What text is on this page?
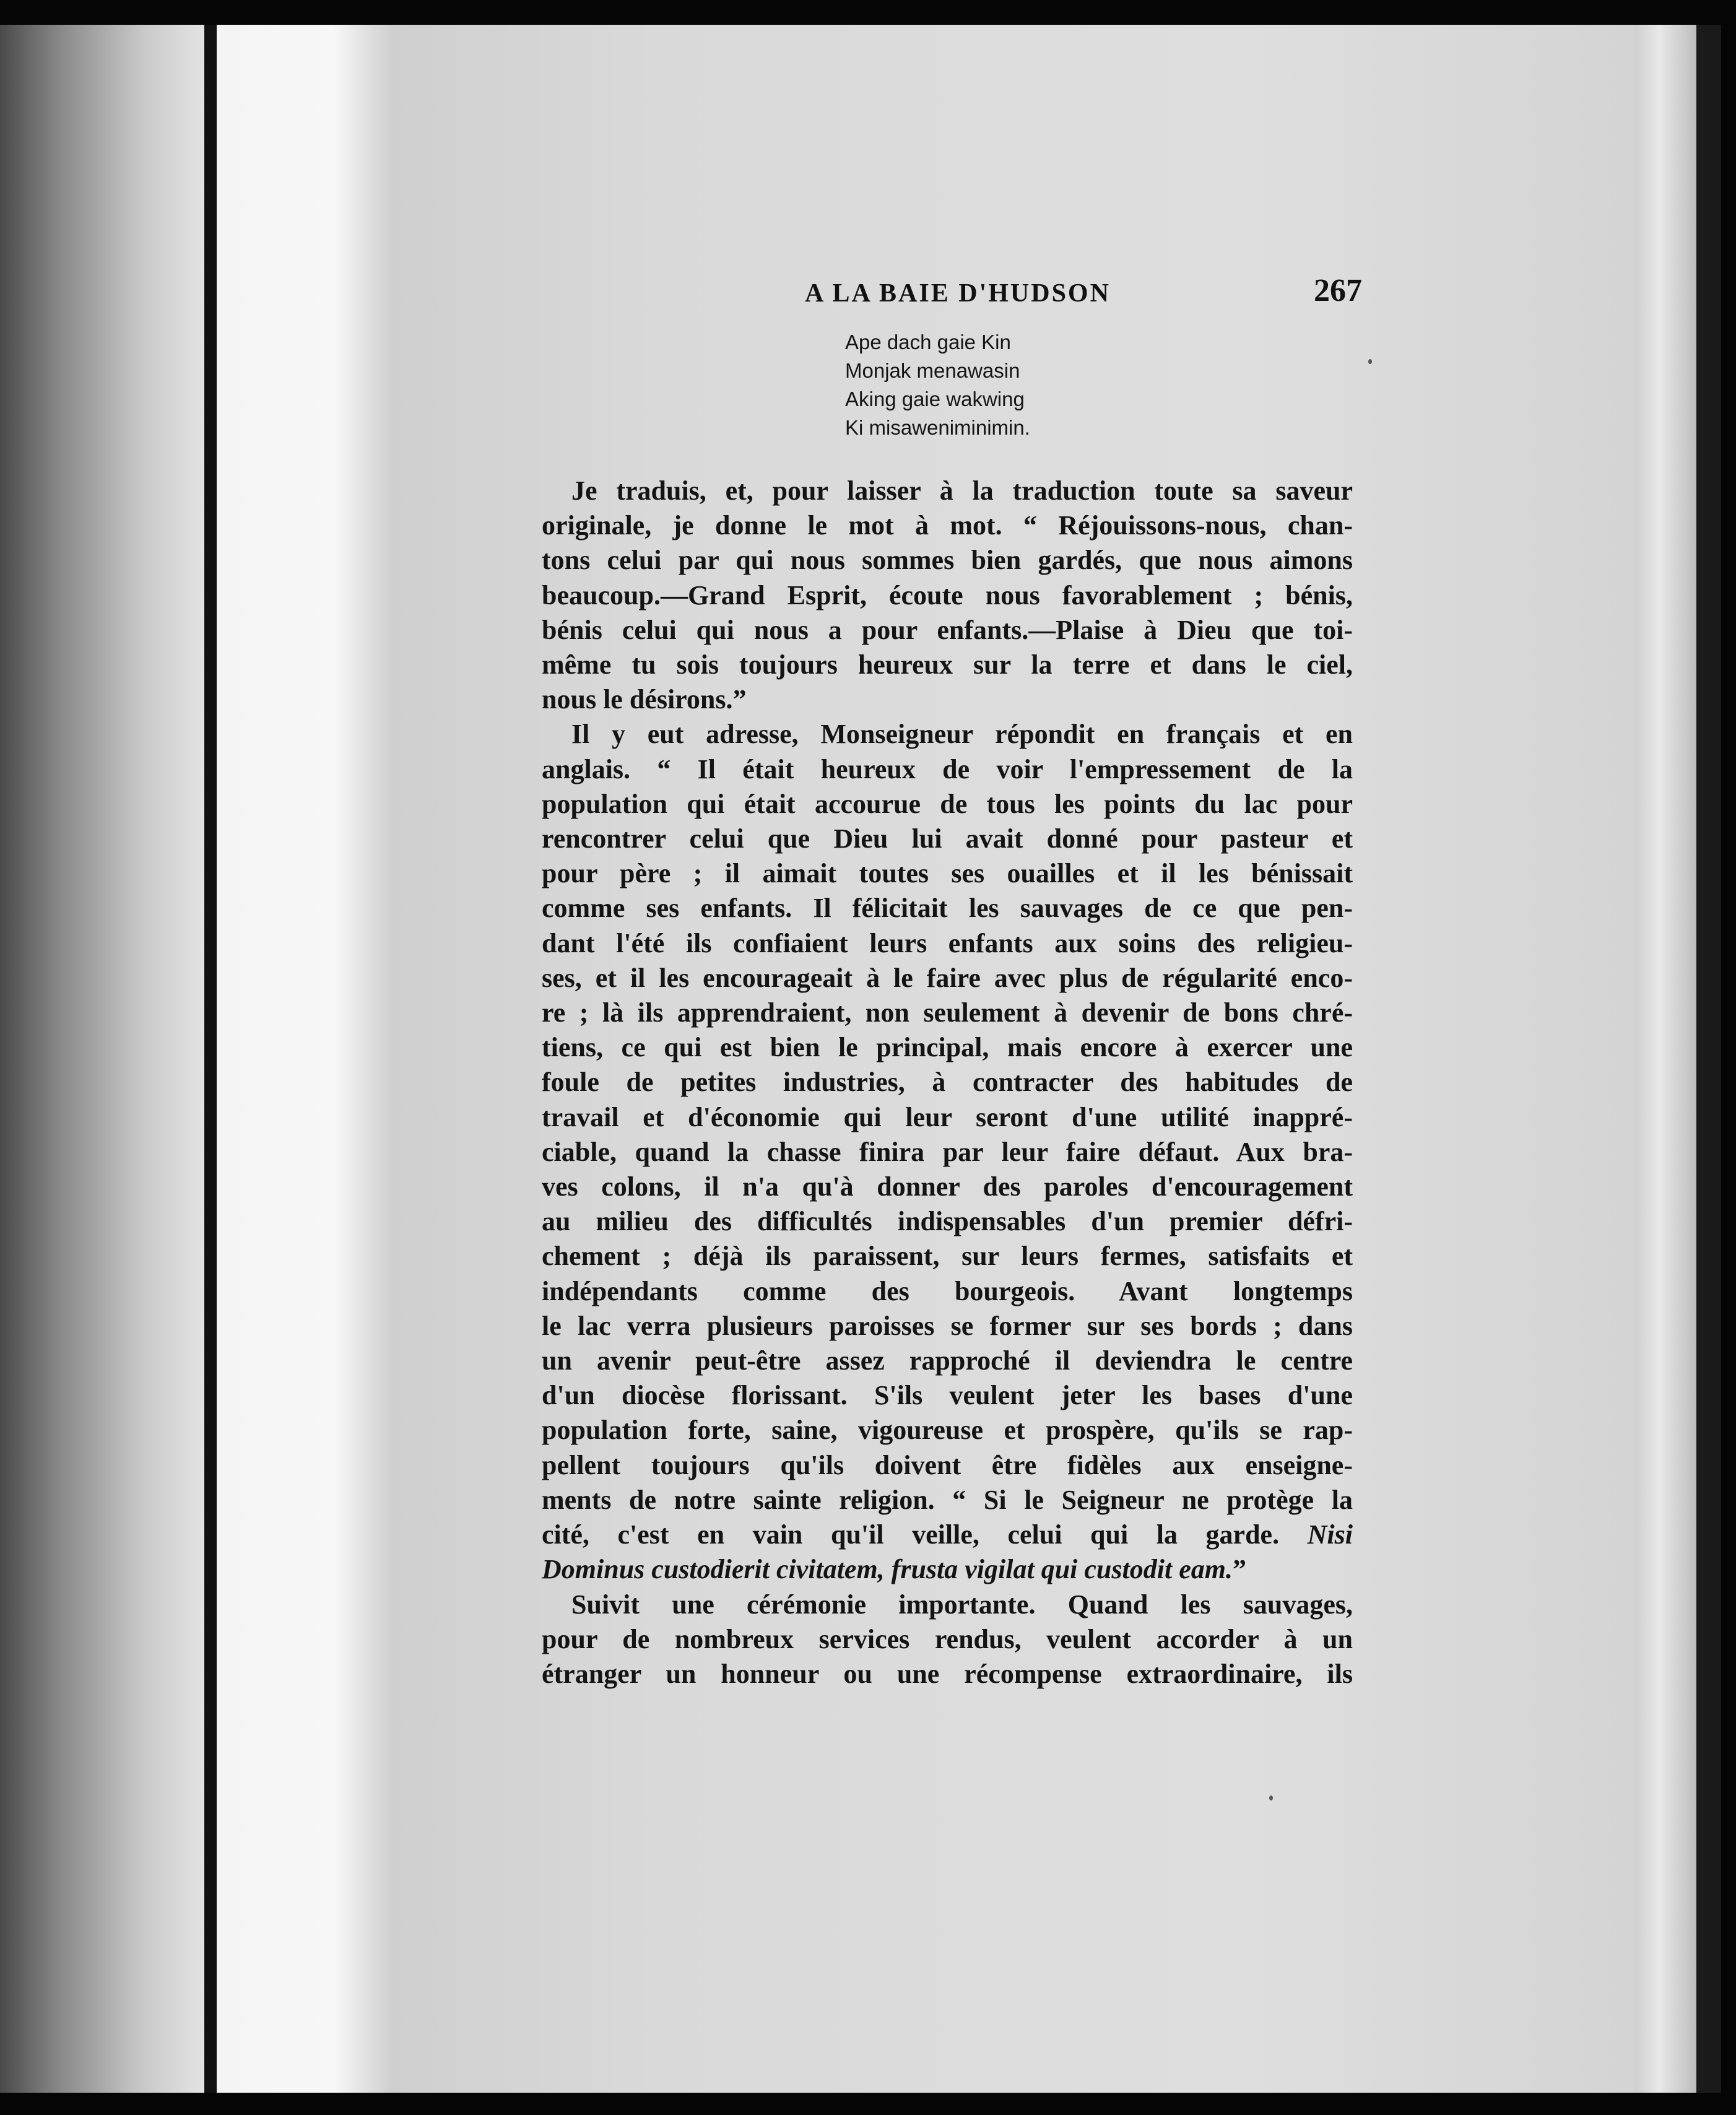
A LA BAIE D'HUDSON	267
Ape dach gaie Kin
Monjak menawasin
Aking gaie wakwing
Ki misaweniminimin.
Je traduis, et, pour laisser à la traduction toute sa saveur
originale, je donne le mot à mot. “ Réjouissons-nous, chan-
tons celui par qui nous sommes bien gardés, que nous aimons
beaucoup.—Grand Esprit, écoute nous favorablement ; bénis,
bénis celui qui nous a pour enfants.—Plaise à Dieu que toi-
même tu sois toujours heureux sur la terre et dans le ciel,
nous le désirons.”
Il y eut adresse, Monseigneur répondit en français et en
anglais. “ Il était heureux de voir l'empressement de la
population qui était accourue de tous les points du lac pour
rencontrer celui que Dieu lui avait donné pour pasteur et
pour père ; il aimait toutes ses ouailles et il les bénissait
comme ses enfants. Il félicitait les sauvages de ce que pen-
dant l'été ils confiaient leurs enfants aux soins des religieu-
ses, et il les encourageait à le faire avec plus de régularité enco-
re ; là ils apprendraient, non seulement à devenir de bons chré-
tiens, ce qui est bien le principal, mais encore à exercer une
foule de petites industries, à contracter des habitudes de
travail et d'économie qui leur seront d'une utilité inappré-
ciable, quand la chasse finira par leur faire défaut. Aux bra-
ves colons, il n'a qu'à donner des paroles d'encouragement
au milieu des difficultés indispensables d'un premier défri-
chement ; déjà ils paraissent, sur leurs fermes, satisfaits et
indépendants comme des bourgeois. Avant longtemps
le lac verra plusieurs paroisses se former sur ses bords ; dans
un avenir peut-être assez rapproché il deviendra le centre
d'un diocèse florissant. S'ils veulent jeter les bases d'une
population forte, saine, vigoureuse et prospère, qu'ils se rap-
pellent toujours qu'ils doivent être fidèles aux enseigne-
ments de notre sainte religion. “ Si le Seigneur ne protège la
cité, c'est en vain qu'il veille, celui qui la garde. Nisi
Dominus custodierit civitatem, frusta vigilat qui custodit eam.”
Suivit une cérémonie importante. Quand les sauvages,
pour de nombreux services rendus, veulent accorder à un
étranger un honneur ou une récompense extraordinaire, ils
